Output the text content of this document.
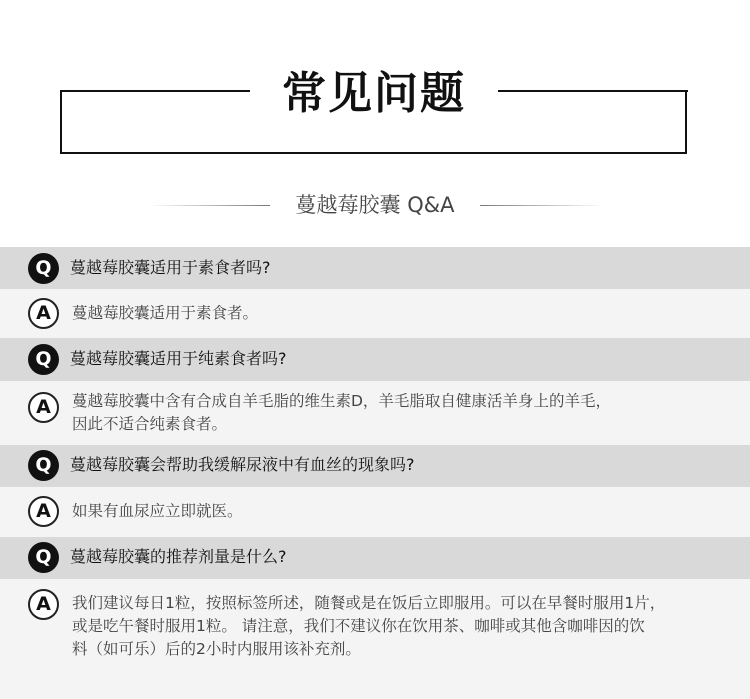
常见问题
蔓越莓胶囊 Q&A
Q	蔓越莓胶囊适用于素食者吗?
A	蔓越莓胶囊适用于素食者。
Q	蔓越莓胶囊适用于纯素食者吗?
A	蔓越莓胶囊中含有合成自羊毛脂的维生素D，羊毛脂取自健康活羊身上的羊毛，
因此不适合纯素食者。
Q	蔓越莓胶囊会帮助我缓解尿液中有血丝的现象吗?
A	如果有血尿应立即就医。
Q	蔓越莓胶囊的推荐剂量是什么?
A	我们建议每日1粒，按照标签所述，随餐或是在饭后立即服用。可以在早餐时服用1片，
或是吃午餐时服用1粒。 请注意，我们不建议你在饮用茶、咖啡或其他含咖啡因的饮
料（如可乐）后的2小时内服用该补充剂。
